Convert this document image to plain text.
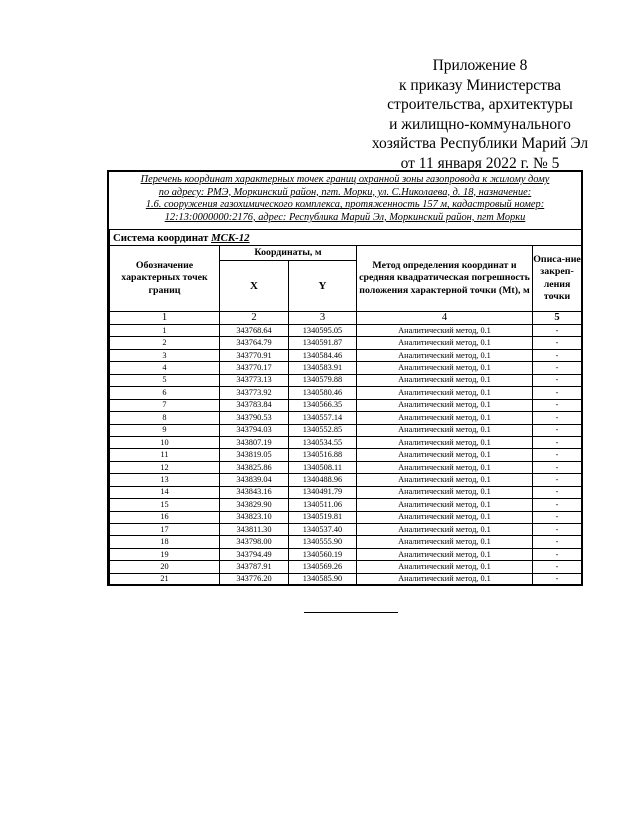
Приложение 8
к приказу Министерства
строительства, архитектуры
и жилищно-коммунального
хозяйства Республики Марий Эл
от 11 января 2022 г. № 5
Перечень координат характерных точек границ охранной зоны газопровода к жилому дому
по адресу: РМЭ, Моркинский район, пгт. Морки, ул. С.Николаева, д. 18, назначение:
1.6. сооружения газохимического комплекса, протяженность 157 м, кадастровый номер:
12:13:0000000:2176, адрес: Республика Марий Эл, Моркинский район, пгт Морки
Система координат МСК-12				
Обозначение характерных точек границ	Координаты, м		Метод определения координат и средняя квадратическая погрешность положения характерной точки (Mt), м	Описа-ние закреп-ления точки
	X	Y		
1	2	3	4	5
1	343768.64	1340595.05	Аналитический метод, 0.1	-
2	343764.79	1340591.87	Аналитический метод, 0.1	-
3	343770.91	1340584.46	Аналитический метод, 0.1	-
4	343770.17	1340583.91	Аналитический метод, 0.1	-
5	343773.13	1340579.88	Аналитический метод, 0.1	-
6	343773.92	1340580.46	Аналитический метод, 0.1	-
7	343783.84	1340566.35	Аналитический метод, 0.1	-
8	343790.53	1340557.14	Аналитический метод, 0.1	-
9	343794.03	1340552.85	Аналитический метод, 0.1	-
10	343807.19	1340534.55	Аналитический метод, 0.1	-
11	343819.05	1340516.88	Аналитический метод, 0.1	-
12	343825.86	1340508.11	Аналитический метод, 0.1	-
13	343839.04	1340488.96	Аналитический метод, 0.1	-
14	343843.16	1340491.79	Аналитический метод, 0.1	-
15	343829.90	1340511.06	Аналитический метод, 0.1	-
16	343823.10	1340519.81	Аналитический метод, 0.1	-
17	343811.30	1340537.40	Аналитический метод, 0.1	-
18	343798.00	1340555.90	Аналитический метод, 0.1	-
19	343794.49	1340560.19	Аналитический метод, 0.1	-
20	343787.91	1340569.26	Аналитический метод, 0.1	-
21	343776.20	1340585.90	Аналитический метод, 0.1	-
